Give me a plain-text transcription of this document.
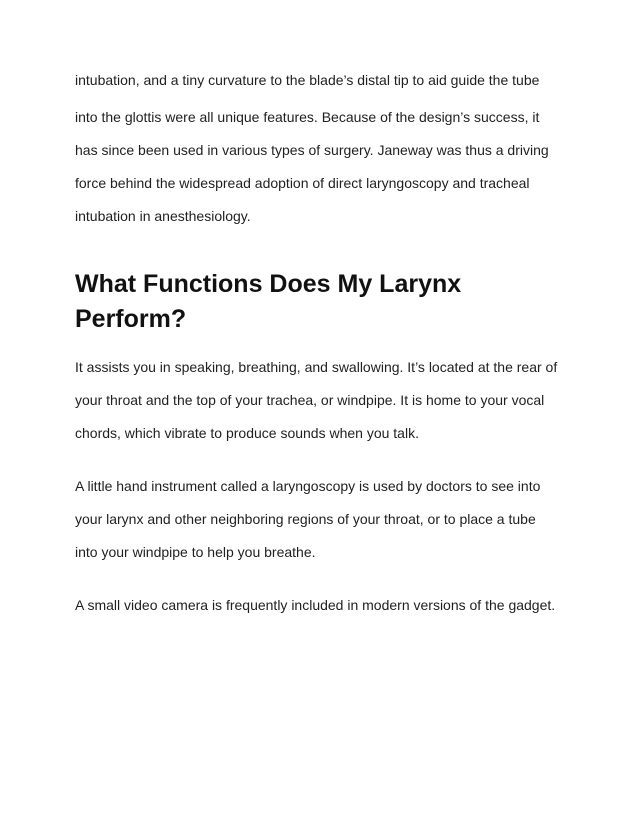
intubation, and a tiny curvature to the blade’s distal tip to aid guide the tube
into the glottis were all unique features. Because of the design’s success, it
has since been used in various types of surgery. Janeway was thus a driving
force behind the widespread adoption of direct laryngoscopy and tracheal
intubation in anesthesiology.
What Functions Does My Larynx
Perform?
It assists you in speaking, breathing, and swallowing. It’s located at the rear of
your throat and the top of your trachea, or windpipe. It is home to your vocal
chords, which vibrate to produce sounds when you talk.
A little hand instrument called a laryngoscopy is used by doctors to see into
your larynx and other neighboring regions of your throat, or to place a tube
into your windpipe to help you breathe.
A small video camera is frequently included in modern versions of the gadget.
